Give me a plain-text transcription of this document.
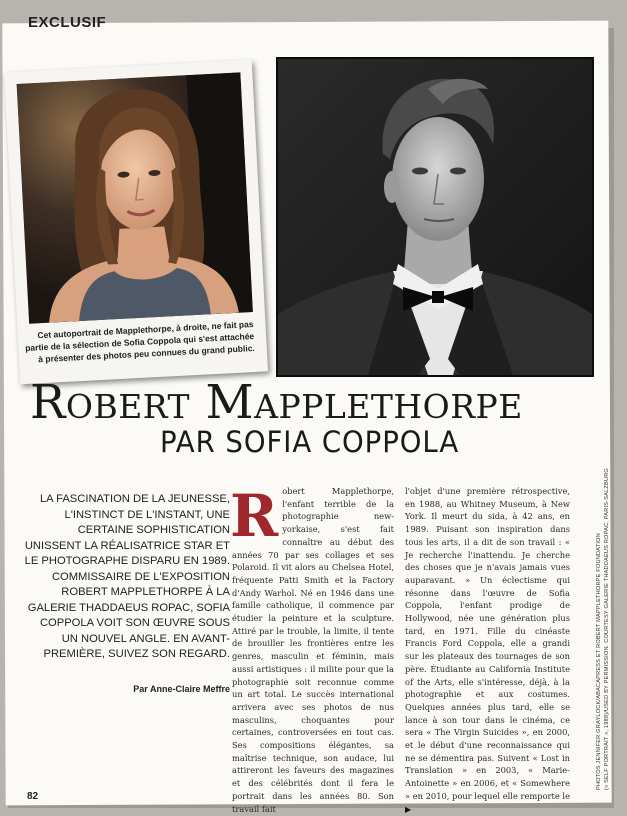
EXCLUSIF
Cet autoportrait de Mapplethorpe, à droite, ne fait pas partie de la sélection de Sofia Coppola qui s'est attachée à présenter des photos peu connues du grand public.
Robert Mapplethorpe
PAR SOFIA COPPOLA
LA FASCINATION DE LA JEUNESSE, L'INSTINCT DE L'INSTANT, UNE CERTAINE SOPHISTICATION UNISSENT LA RÉALISATRICE STAR ET LE PHOTOGRAPHE DISPARU EN 1989. COMMISSAIRE DE L'EXPOSITION ROBERT MAPPLETHORPE À LA GALERIE THADDAEUS ROPAC, SOFIA COPPOLA VOIT SON ŒUVRE SOUS UN NOUVEL ANGLE. EN AVANT-PREMIÈRE, SUIVEZ SON REGARD.
Par Anne-Claire Meffre
Robert Mapplethorpe, l'enfant terrible de la photographie new-yorkaise, s'est fait connaître au début des années 70 par ses collages et ses Polaroid. Il vit alors au Chelsea Hotel, fréquente Patti Smith et la Factory d'Andy Warhol. Né en 1946 dans une famille catholique, il commence par étudier la peinture et la sculpture. Attiré par le trouble, la limite, il tente de brouiller les frontières entre les genres, masculin et féminin, mais aussi artistiques : il milite pour que la photographie soit reconnue comme un art total. Le succès international arrivera avec ses photos de nus masculins, choquantes pour certaines, controversées en tout cas. Ses compositions élégantes, sa maîtrise technique, son audace, lui attireront les faveurs des magazines et des célébrités dont il fera le portrait dans les années 80. Son travail fait
l'objet d'une première rétrospective, en 1988, au Whitney Museum, à New York. Il meurt du sida, à 42 ans, en 1989. Puisant son inspiration dans tous les arts, il a dit de son travail : « Je recherche l'inattendu. Je cherche des choses que je n'avais jamais vues auparavant. » Un éclectisme qui résonne dans l'œuvre de Sofia Coppola, l'enfant prodige de Hollywood, née une génération plus tard, en 1971. Fille du cinéaste Francis Ford Coppola, elle a grandi sur les plateaux des tournages de son père. Étudiante au California Institute of the Arts, elle s'intéresse, déjà, à la photographie et aux costumes. Quelques années plus tard, elle se lance à son tour dans le cinéma, ce sera « The Virgin Suicides », en 2000, et le début d'une reconnaissance qui ne se démentira pas. Suivent « Lost in Translation » en 2003, « Marie-Antoinette » en 2006, et « Somewhere » en 2010, pour lequel elle remporte le ▶
PHOTOS JENNIFER GRAYLOCK/ABACAPRESS ET ROBERT MAPPLETHORPE FOUNDATION (« SELF PORTRAIT », 1988)/USED BY PERMISSION. COURTESY GALERIE THADDAEUS ROPAC, PARIS-SALZBURG
82
